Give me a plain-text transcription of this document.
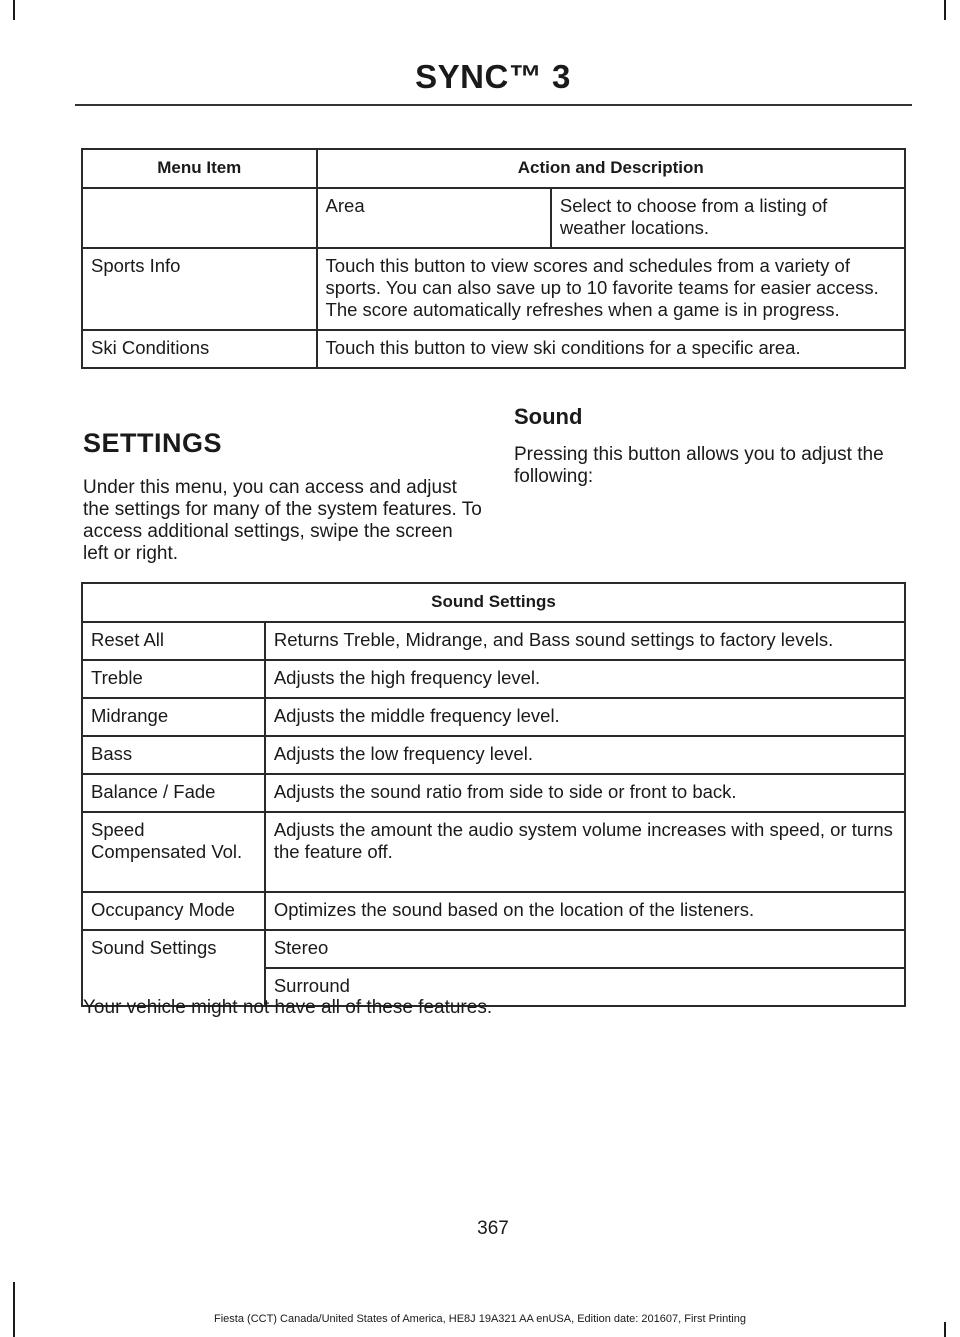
SYNC™ 3
Menu Item	Action and Description	
	Area	Select to choose from a listing of weather locations.
Sports Info	Touch this button to view scores and schedules from a variety of sports. You can also save up to 10 favorite teams for easier access. The score automatically refreshes when a game is in progress.	
Ski Conditions	Touch this button to view ski conditions for a specific area.	
SETTINGS

Under this menu, you can access and adjust the settings for many of the system features. To access additional settings, swipe the screen left or right.

Sound

Pressing this button allows you to adjust the following:

Sound Settings	
Reset All	Returns Treble, Midrange, and Bass sound settings to factory levels.
Treble	Adjusts the high frequency level.
Midrange	Adjusts the middle frequency level.
Bass	Adjusts the low frequency level.
Balance / Fade	Adjusts the sound ratio from side to side or front to back.
Speed Compensated Vol.	Adjusts the amount the audio system volume increases with speed, or turns the feature off.
Occupancy Mode	Optimizes the sound based on the location of the listeners.
Sound Settings	Stereo
	Surround

Your vehicle might not have all of these features.

367
Fiesta (CCT) Canada/United States of America, HE8J 19A321 AA enUSA, Edition date: 201607, First Printing
